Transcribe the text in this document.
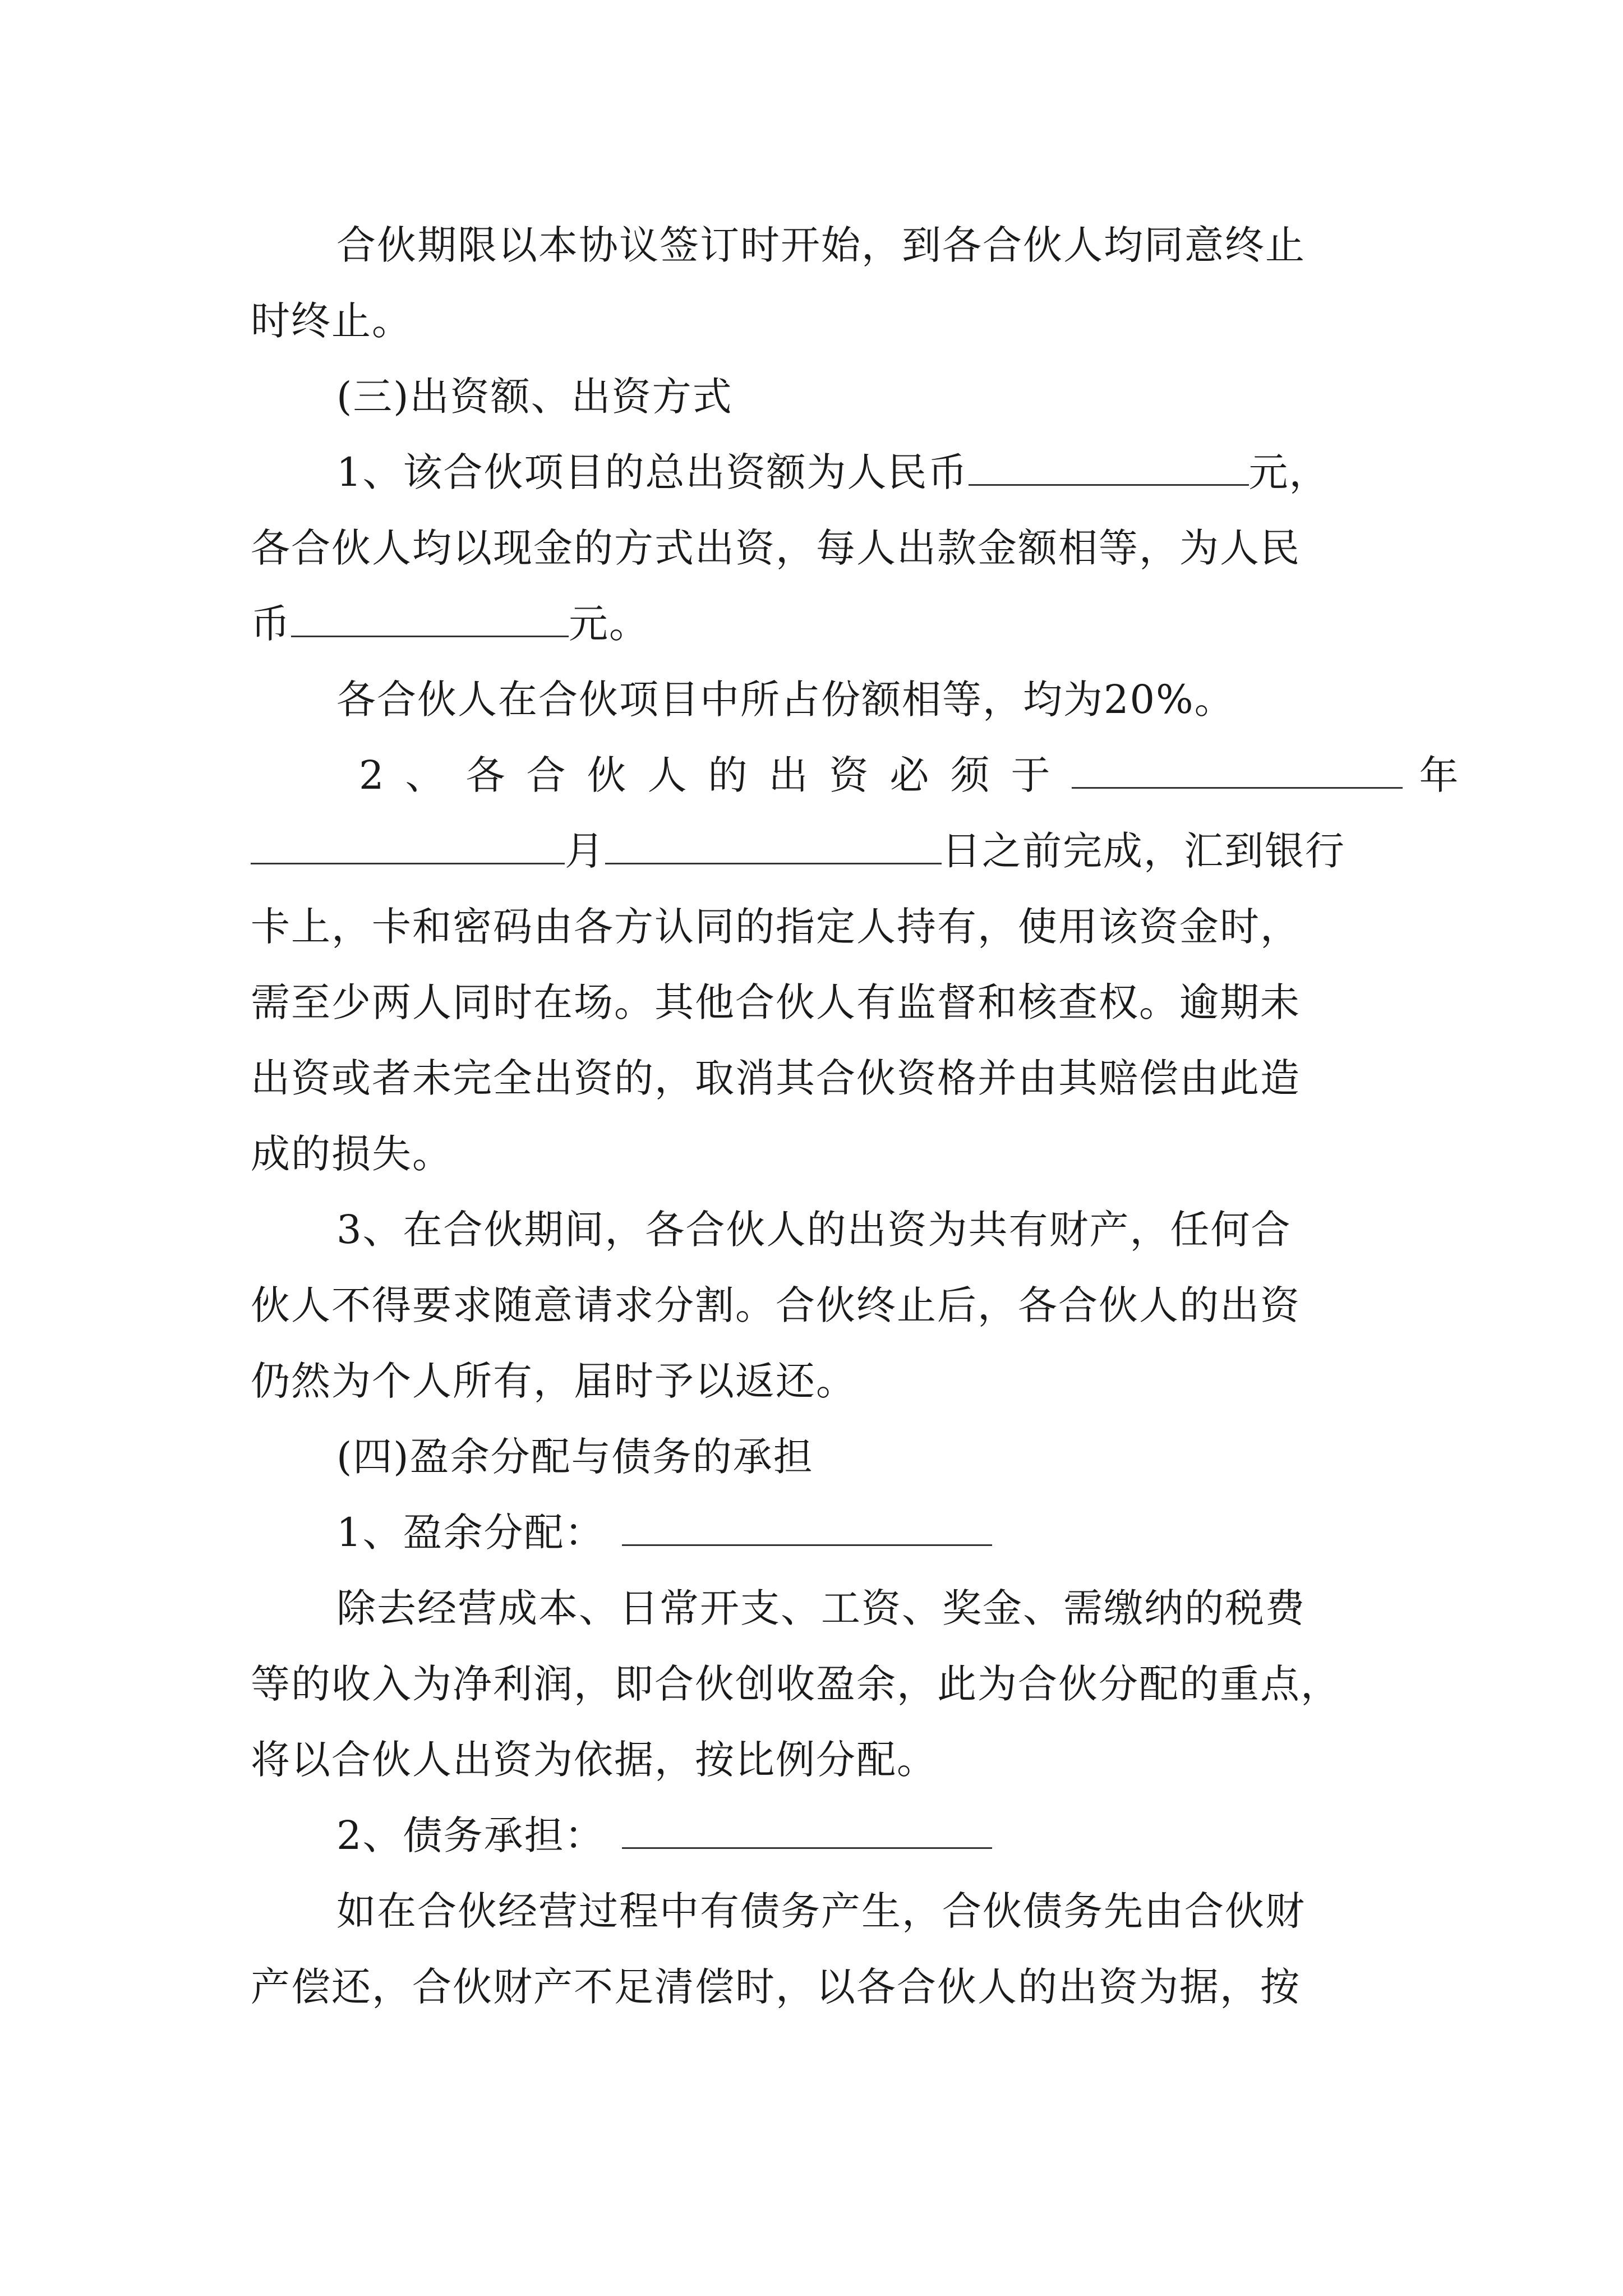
合伙期限以本协议签订时开始，到各合伙人均同意终止
时终止。
(三)出资额、出资方式
1、该合伙项目的总出资额为人民币	元，
各合伙人均以现金的方式出资，每人出款金额相等，为人民
币	元。
各合伙人在合伙项目中所占份额相等，均为20%。
2、各合伙人的出资必须于	年
月	日之前完成，汇到银行
卡上，卡和密码由各方认同的指定人持有，使用该资金时，
需至少两人同时在场。其他合伙人有监督和核查权。逾期未
出资或者未完全出资的，取消其合伙资格并由其赔偿由此造
成的损失。
3、在合伙期间，各合伙人的出资为共有财产，任何合
伙人不得要求随意请求分割。合伙终止后，各合伙人的出资
仍然为个人所有，届时予以返还。
(四)盈余分配与债务的承担
1、盈余分配：
除去经营成本、日常开支、工资、奖金、需缴纳的税费
等的收入为净利润，即合伙创收盈余，此为合伙分配的重点，
将以合伙人出资为依据，按比例分配。
2、债务承担：
如在合伙经营过程中有债务产生，合伙债务先由合伙财
产偿还，合伙财产不足清偿时，以各合伙人的出资为据，按
